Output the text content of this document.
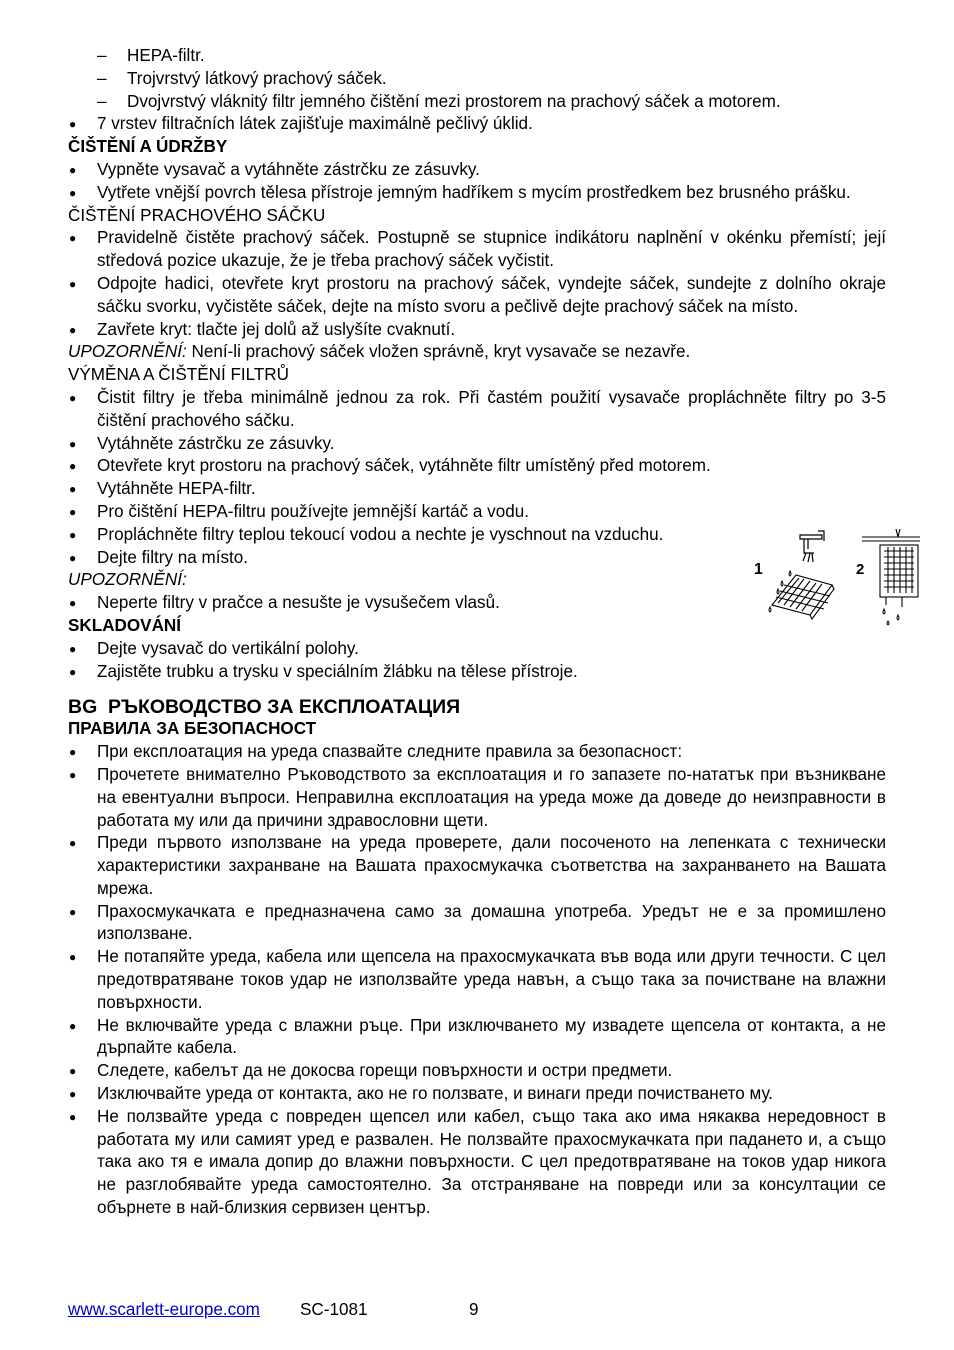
– HEPA-filtr.
– Trojvrstvý látkový prachový sáček.
– Dvojvrstvý vláknitý filtr jemného čištění mezi prostorem na prachový sáček a motorem.
● 7 vrstev filtračních látek zajišťuje maximálně pečlivý úklid.
ČIŠTĚNÍ A ÚDRŽBY
● Vypněte vysavač a vytáhněte zástrčku ze zásuvky.
● Vytřete vnější povrch tělesa přístroje jemným hadříkem s mycím prostředkem bez brusného prášku.
ČIŠTĚNÍ PRACHOVÉHO SÁČKU
● Pravidelně čistěte prachový sáček. Postupně se stupnice indikátoru naplnění v okénku přemístí; její středová pozice ukazuje, že je třeba prachový sáček vyčistit.
● Odpojte hadici, otevřete kryt prostoru na prachový sáček, vyndejte sáček, sundejte z dolního okraje sáčku svorku, vyčistěte sáček, dejte na místo svoru a pečlivě dejte prachový sáček na místo.
● Zavřete kryt: tlačte jej dolů až uslyšíte cvaknutí.
UPOZORNĚNÍ: Není-li prachový sáček vložen správně, kryt vysavače se nezavře.
VÝMĚNA A ČIŠTĚNÍ FILTRŮ
● Čistit filtry je třeba minimálně jednou za rok. Při častém použití vysavače propláchněte filtry po 3-5 čištění prachového sáčku.
● Vytáhněte zástrčku ze zásuvky.
● Otevřete kryt prostoru na prachový sáček, vytáhněte filtr umístěný před motorem.
● Vytáhněte HEPA-filtr.
● Pro čištění HEPA-filtru používejte jemnější kartáč a vodu.
● Propláchněte filtry teplou tekoucí vodou a nechte je vyschnout na vzduchu.
● Dejte filtry na místo.
UPOZORNĚNÍ:
● Neperte filtry v pračce a nesušte je vysušečem vlasů.
SKLADOVÁNÍ
● Dejte vysavač do vertikální polohy.
● Zajistěte trubku a trysku v speciálním žlábku na tělese přístroje.
BG РЪКОВОДСТВО ЗА ЕКСПЛОАТАЦИЯ
ПРАВИЛА ЗА БЕЗОПАСНОСТ
● При експлоатация на уреда спазвайте следните правила за безопасност:
● Прочетете внимателно Ръководството за експлоатация и го запазете по-нататък при възникване на евентуални въпроси. Неправилна експлоатация на уреда може да доведе до неизправности в работата му или да причини здравословни щети.
● Преди първото използване на уреда проверете, дали посоченото на лепенката с технически характеристики захранване на Вашата прахосмукачка съответства на захранването на Вашата мрежа.
● Прахосмукачката е предназначена само за домашна употреба. Уредът не е за промишлено използване.
● Не потапяйте уреда, кабела или щепсела на прахосмукачката във вода или други течности. С цел предотвратяване токов удар не използвайте уреда навън, а също така за почистване на влажни повърхности.
● Не включвайте уреда с влажни ръце. При изключването му извадете щепсела от контакта, а не дърпайте кабела.
● Следете, кабелът да не докосва горещи повърхности и остри предмети.
● Изключвайте уреда от контакта, ако не го ползвате, и винаги преди почистването му.
● Не ползвайте уреда с повреден щепсел или кабел, също така ако има някаква нередовност в работата му или самият уред е развален. Не ползвайте прахосмукачката при падането и, а също така ако тя е имала допир до влажни повърхности. С цел предотвратяване на токов удар никога не разглобявайте уреда самостоятелно. За отстраняване на повреди или за консултации се обърнете в най-близкия сервизен център.
1	2
www.scarlett-europe.com SC-1081	9
